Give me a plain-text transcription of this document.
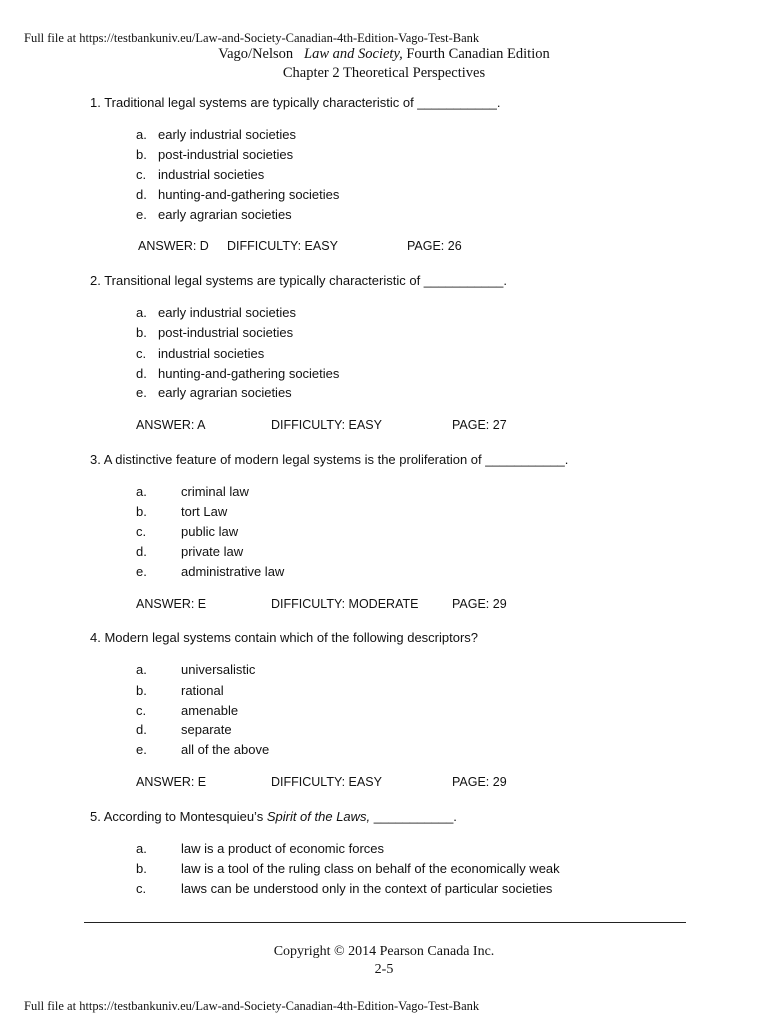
Full file at https://testbankuniv.eu/Law-and-Society-Canadian-4th-Edition-Vago-Test-Bank
Vago/Nelson Law and Society, Fourth Canadian Edition
Chapter 2 Theoretical Perspectives
1. Traditional legal systems are typically characteristic of ___________.
a. early industrial societies
b. post-industrial societies
c. industrial societies
d. hunting-and-gathering societies
e. early agrarian societies
ANSWER: D DIFFICULTY: EASY	PAGE: 26
2. Transitional legal systems are typically characteristic of ___________.
a. early industrial societies
b. post-industrial societies
c. industrial societies
d. hunting-and-gathering societies
e. early agrarian societies
ANSWER: A	DIFFICULTY: EASY	PAGE: 27
3. A distinctive feature of modern legal systems is the proliferation of ___________.
a.	criminal law
b.	tort Law
c.	public law
d.	private law
e.	administrative law
ANSWER: E	DIFFICULTY: MODERATE	PAGE: 29
4. Modern legal systems contain which of the following descriptors?
a.	universalistic
b.	rational
c.	amenable
d.	separate
e.	all of the above
ANSWER: E	DIFFICULTY: EASY	PAGE: 29
5. According to Montesquieu’s Spirit of the Laws, ___________.
a.	law is a product of economic forces
b.	law is a tool of the ruling class on behalf of the economically weak
c.	laws can be understood only in the context of particular societies
Copyright © 2014 Pearson Canada Inc.
2-5
Full file at https://testbankuniv.eu/Law-and-Society-Canadian-4th-Edition-Vago-Test-Bank
